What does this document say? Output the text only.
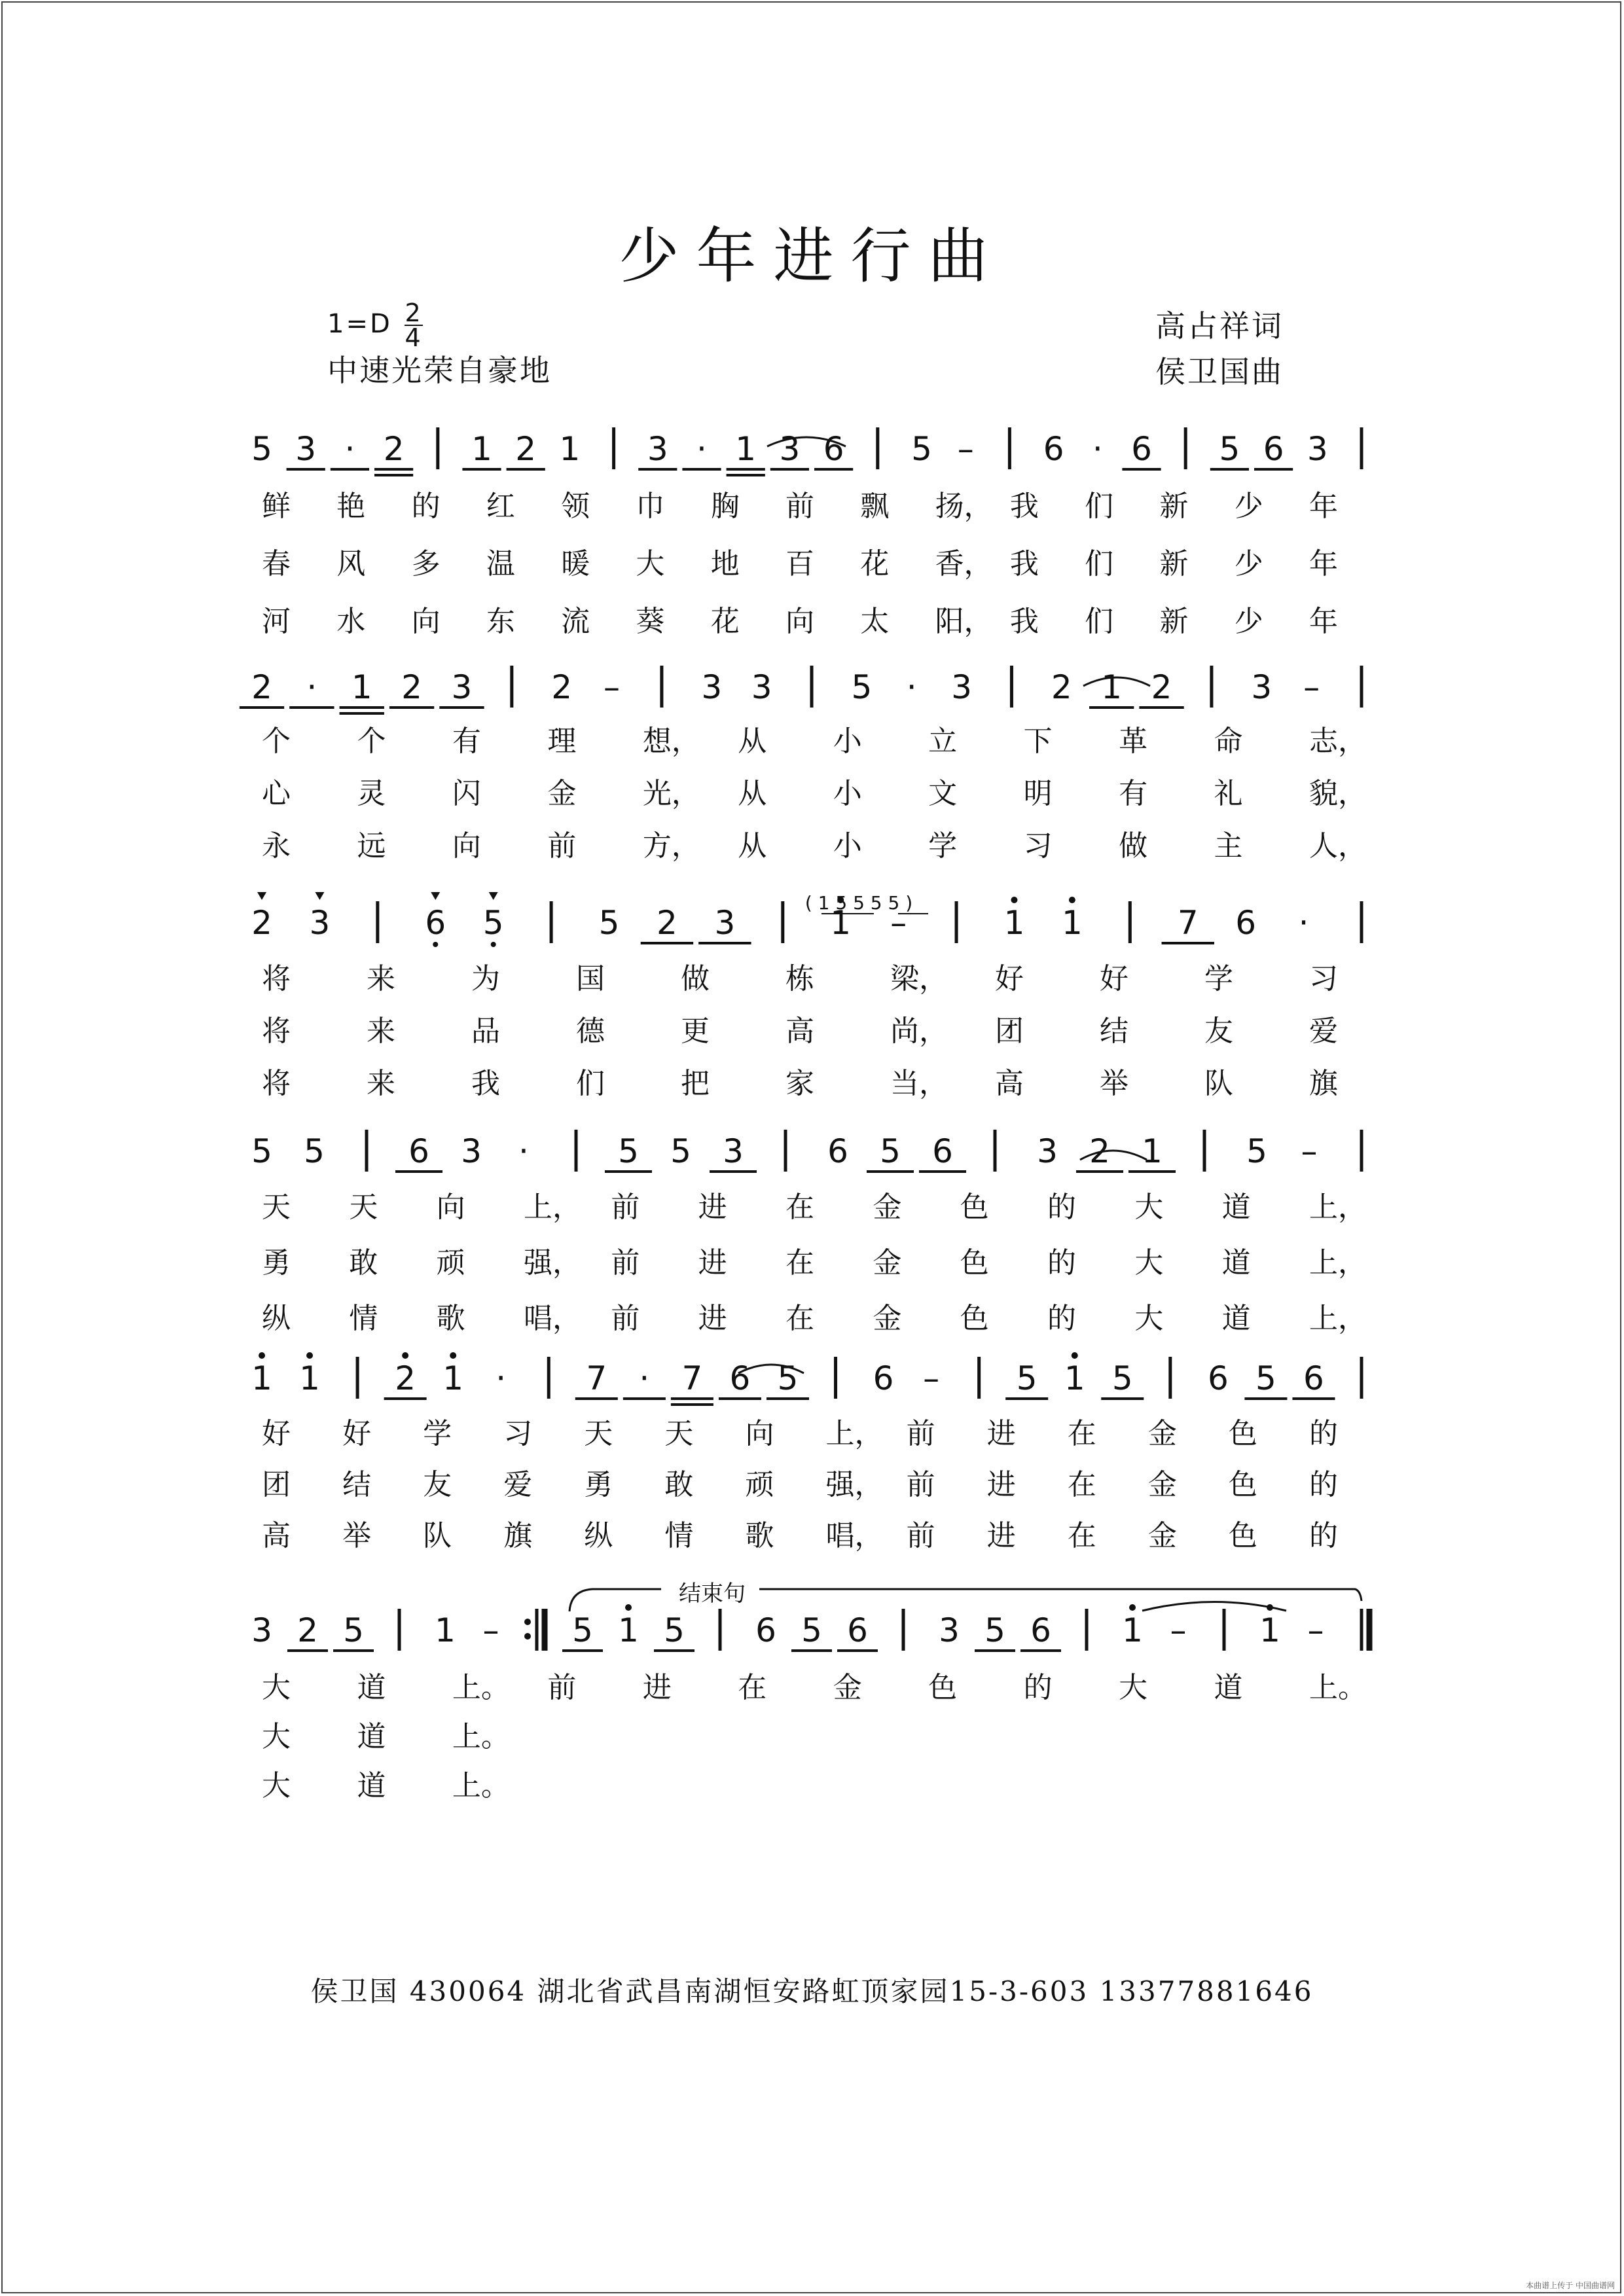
少年进行曲
$1=D \frac{2}{4}$
中速光荣自豪地
高占祥词
侯卫国曲
5 3 · 2 1 2 1 3 · 1 3 6 5 – 6 · 6 5 6 3
2 · 1 2 3 2 – 3 3 5 · 3 2 1 2 3 –
2 3	6 5	5 2 3	1 –	1 1	7 6 ·
5 5	6 3 ·	5 5 3	6 5 6	3 2 1	5 –
1 1 2 1 · 7 · 7 6 5 6 – 5 1 5 6 5 6
3 2 5 1 – 5 1 5 6 5 6 3 5 6 1 – 1 –
鲜 艳 的 红 领 巾 胸 前 飘 扬， 我 们 新 少 年
春 风 多 温 暖 大 地 百 花 香， 我 们 新 少 年
河 水 向 东 流 葵 花 向 太 阳， 我 们 新 少 年
个 个 有 理 想， 从 小 立 下 革 命 志，
心 灵 闪 金 光， 从 小 文 明 有 礼 貌，
永 远 向 前 方， 从 小 学 习 做 主 人，
将	来	为	国	做	栋	梁， 好	好	学	习
将	来	品	德	更	高	尚， 团	结	友	爱
将	来	我	们	把	家	当， 高	举	队	旗
天 天 向 上， 前 进 在 金 色 的 大 道 上，
勇 敢 顽 强， 前 进 在 金 色 的 大 道 上，
纵 情 歌 唱， 前 进 在 金 色 的 大 道 上，
好 好 学 习 天 天 向 上， 前 进 在 金 色 的
团 结 友 爱 勇 敢 顽 强， 前 进 在 金 色 的
高 举 队 旗 纵 情 歌 唱， 前 进 在 金 色 的
大 道 上。 前 进 在 金 色 的 大 道 上。
大 道 上。
大 道 上。
结束句
( 1 5 5 5 5 )
侯卫国 430064 湖北省武昌南湖恒安路虹顶家园15-3-603 13377881646
本曲谱上传于 中国曲谱网
